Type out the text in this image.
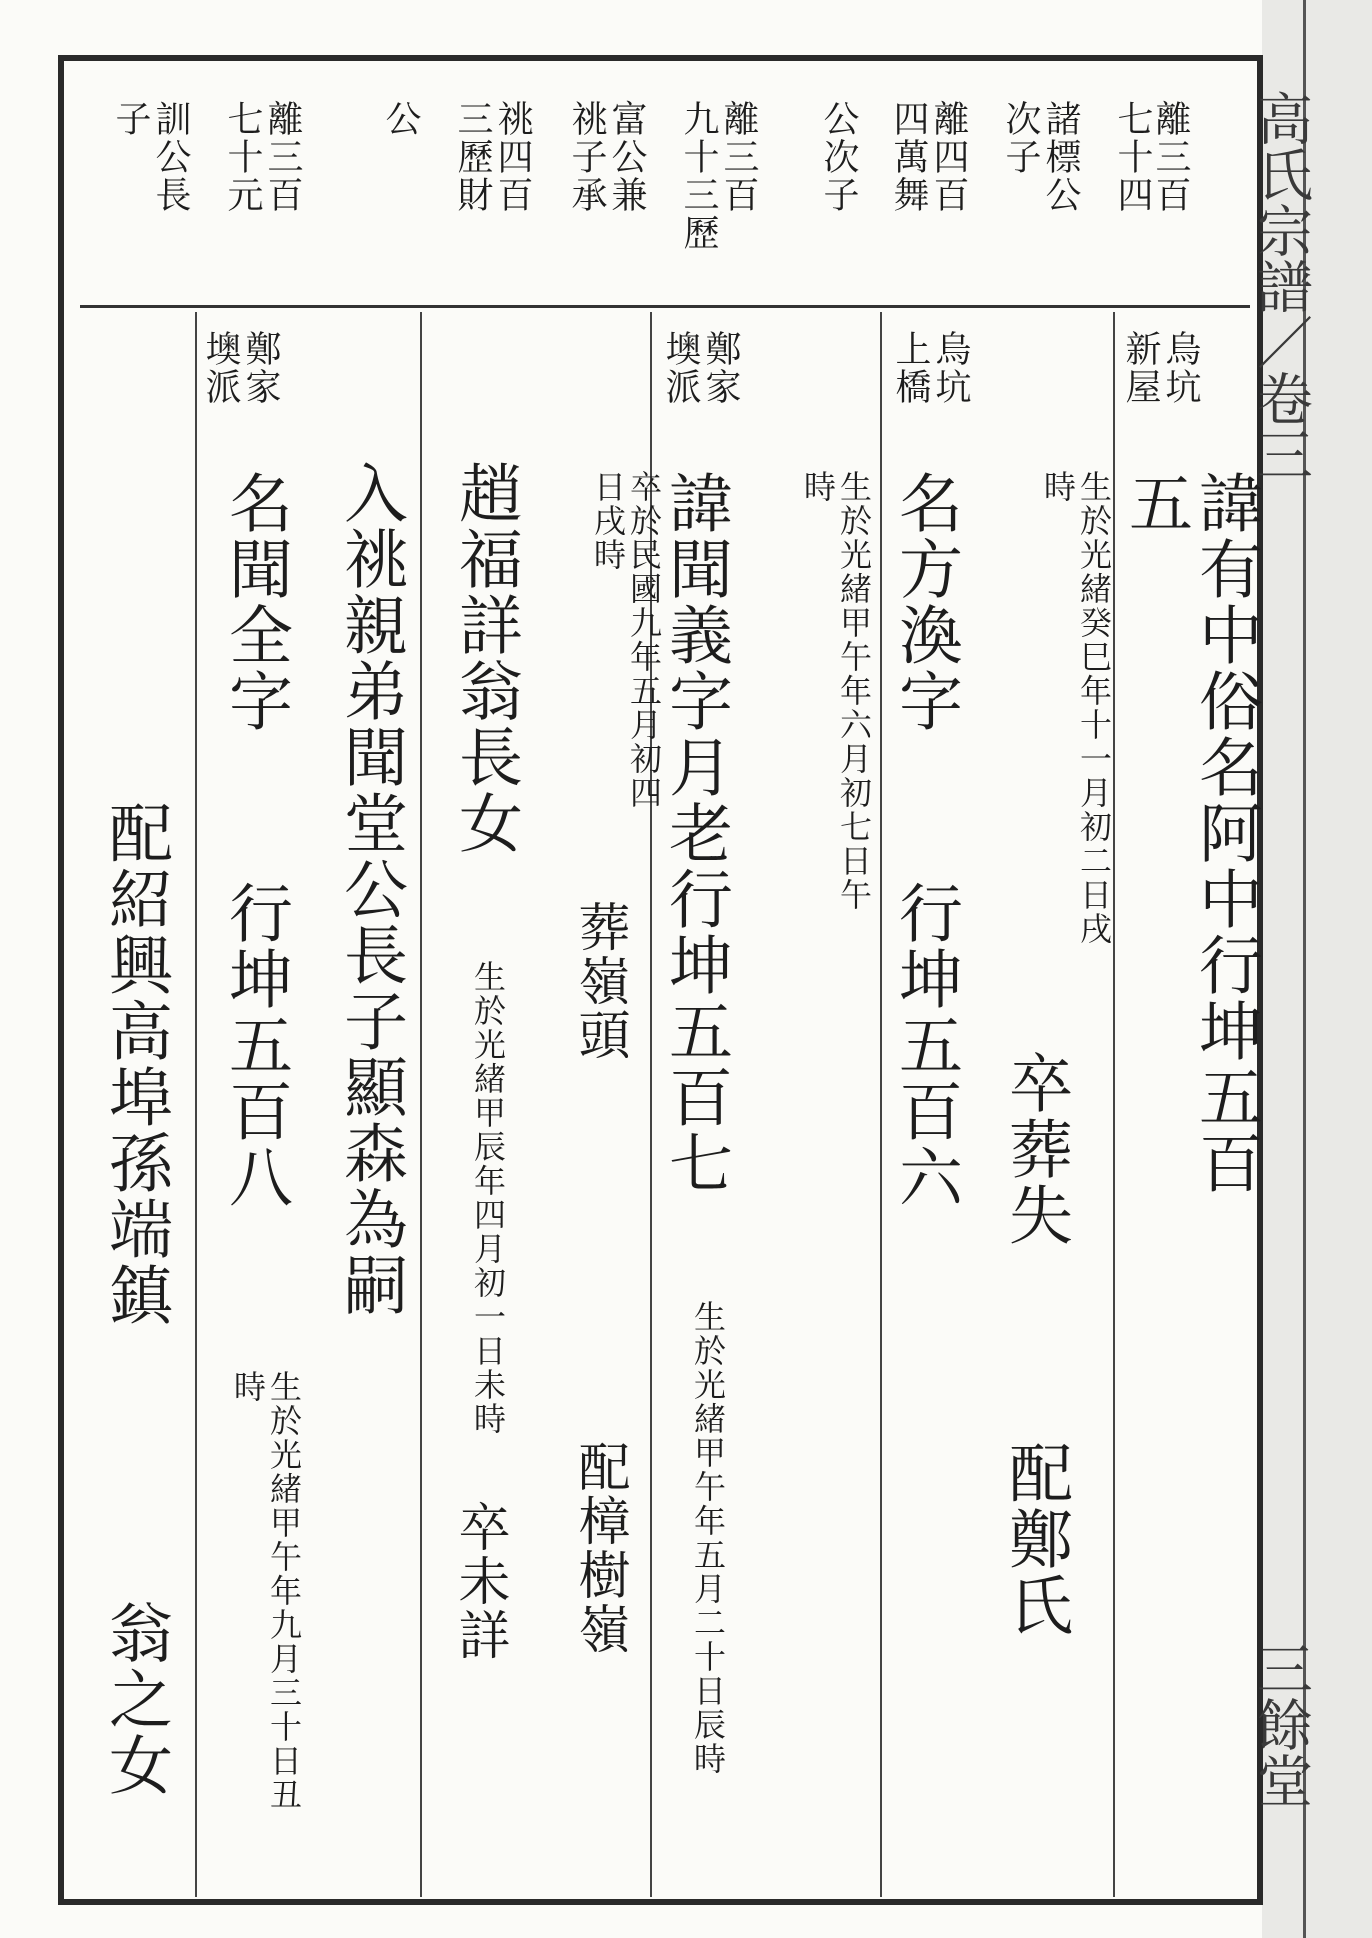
高氏宗譜／卷三
三餘堂
離三百
七十四
諸標公
次子
離四百
四萬舞
公次子
離三百
九十三歷
富公兼
祧子承
祧四百
三歷財
公
離三百
七十元
訓公長
子
烏坑
新屋
諱有中俗名阿中行坤五百五
生於光緒癸巳年十一月初二日戌時
卒葬失
配鄭氏
烏坑
上橋
名方渙字
行坤五百六
生於光緒甲午年六月初七日午時
鄭家
墺派
諱聞義字月老行坤五百七
生於光緒甲午年五月二十日辰時
卒於民國九年五月初四日戌時
葬嶺頭
配樟樹嶺
趙福詳翁長女
生於光緒甲辰年四月初一日未時
卒未詳
入祧親弟聞堂公長子顯森為嗣
鄭家
墺派
名聞全字
行坤五百八
生於光緒甲午年九月三十日丑時
配紹興高埠孫端鎮
翁之女
